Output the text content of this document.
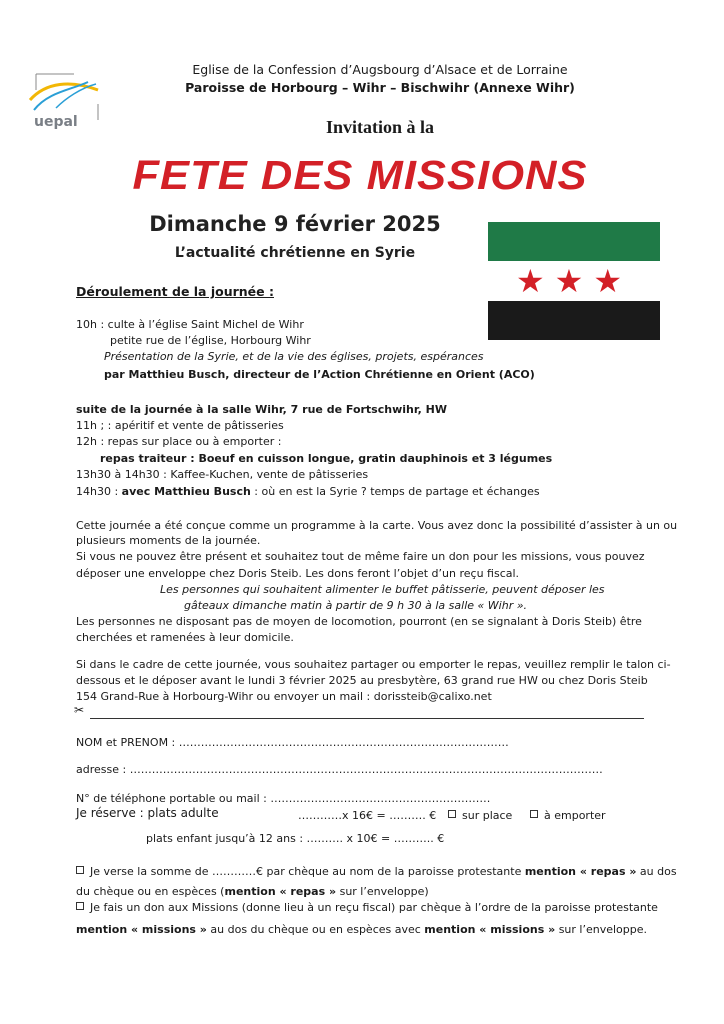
uepal
Eglise de la Confession d’Augsbourg d’Alsace et de Lorraine
Paroisse de Horbourg – Wihr – Bischwihr (Annexe Wihr)
Invitation à la
FETE DES MISSIONS
Dimanche 9 février 2025
L’actualité chrétienne en Syrie
★★★
Déroulement de la journée :
10h : culte à l’église Saint Michel de Wihr
petite rue de l’église, Horbourg Wihr
Présentation de la Syrie, et de la vie des églises, projets, espérances
par Matthieu Busch, directeur de l’Action Chrétienne en Orient (ACO)
suite de la journée à la salle Wihr, 7 rue de Fortschwihr, HW
11h ; : apéritif et vente de pâtisseries
12h : repas sur place ou à emporter :
repas traiteur : Boeuf en cuisson longue, gratin dauphinois et 3 légumes
13h30 à 14h30 : Kaffee-Kuchen, vente de pâtisseries
14h30 : avec Matthieu Busch : où en est la Syrie ? temps de partage et échanges
Cette journée a été conçue comme un programme à la carte. Vous avez donc la possibilité d’assister à un ou
plusieurs moments de la journée.
Si vous ne pouvez être présent et souhaitez tout de même faire un don pour les missions, vous pouvez
déposer une enveloppe chez Doris Steib. Les dons feront l’objet d’un reçu fiscal.
Les personnes qui souhaitent alimenter le buffet pâtisserie, peuvent déposer les
gâteaux dimanche matin à partir de 9 h 30 à la salle « Wihr ».
Les personnes ne disposant pas de moyen de locomotion, pourront (en se signalant à Doris Steib) être
cherchées et ramenées à leur domicile.
Si dans le cadre de cette journée, vous souhaitez partager ou emporter le repas, veuillez remplir le talon ci-
dessous et le déposer avant le lundi 3 février 2025 au presbytère, 63 grand rue HW ou chez Doris Steib
154 Grand-Rue à Horbourg-Wihr ou envoyer un mail : dorissteib@calixo.net
✂
NOM et PRENOM : ………………………………………………………………………………
adresse : …………………………………………………………………………………………………………………
N° de téléphone portable ou mail : ……………………………………………………
Je réserve : plats adulte	…………x 16€ = ………. €	sur place	à emporter
plats enfant jusqu’à 12 ans : ………. x 10€ = ……….. €
Je verse la somme de …………€ par chèque au nom de la paroisse protestante mention « repas » au dos
du chèque ou en espèces (mention « repas » sur l’enveloppe)
Je fais un don aux Missions (donne lieu à un reçu fiscal) par chèque à l’ordre de la paroisse protestante
mention « missions » au dos du chèque ou en espèces avec mention « missions » sur l’enveloppe.
